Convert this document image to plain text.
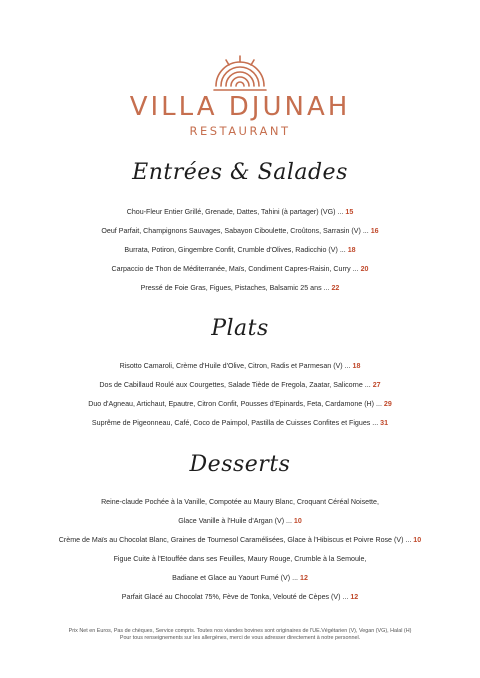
VILLA DJUNAH
RESTAURANT
Entrées & Salades
Chou-Fleur Entier Grillé, Grenade, Dattes, Tahini (à partager) (VG) ... 15
Oeuf Parfait, Champignons Sauvages, Sabayon Ciboulette, Croûtons, Sarrasin (V) ... 16
Burrata, Potiron, Gingembre Confit, Crumble d'Olives, Radicchio (V) ... 18
Carpaccio de Thon de Méditerranée, Maïs, Condiment Capres-Raisin, Curry ... 20
Pressé de Foie Gras, Figues, Pistaches, Balsamic 25 ans ... 22
Plats
Risotto Camaroli, Crème d'Huile d'Olive, Citron, Radis et Parmesan (V) ... 18
Dos de Cabillaud Roulé aux Courgettes, Salade Tiède de Fregola, Zaatar, Salicorne ... 27
Duo d'Agneau, Artichaut, Epautre, Citron Confit, Pousses d'Epinards, Feta, Cardamone (H) ... 29
Suprême de Pigeonneau, Café, Coco de Paimpol, Pastilla de Cuisses Confites et Figues ... 31
Desserts
Reine-claude Pochée à la Vanille, Compotée au Maury Blanc, Croquant Céréal Noisette,
Glace Vanille à l'Huile d'Argan (V) ... 10
Crème de Maïs au Chocolat Blanc, Graines de Tournesol Caramélisées, Glace à l'Hibiscus et Poivre Rose (V) ... 10
Figue Cuite à l'Etouffée dans ses Feuilles, Maury Rouge, Crumble à la Semoule,
Badiane et Glace au Yaourt Fumé (V) ... 12
Parfait Glacé au Chocolat 75%, Fève de Tonka, Velouté de Cèpes (V) ... 12
Prix Net en Euros, Pas de chèques, Service compris. Toutes nos viandes bovines sont originaires de l'UE.Végétarien (V), Vegan (VG), Halal (H)
Pour tous renseignements sur les allergènes, merci de vous adresser directement à notre personnel.
